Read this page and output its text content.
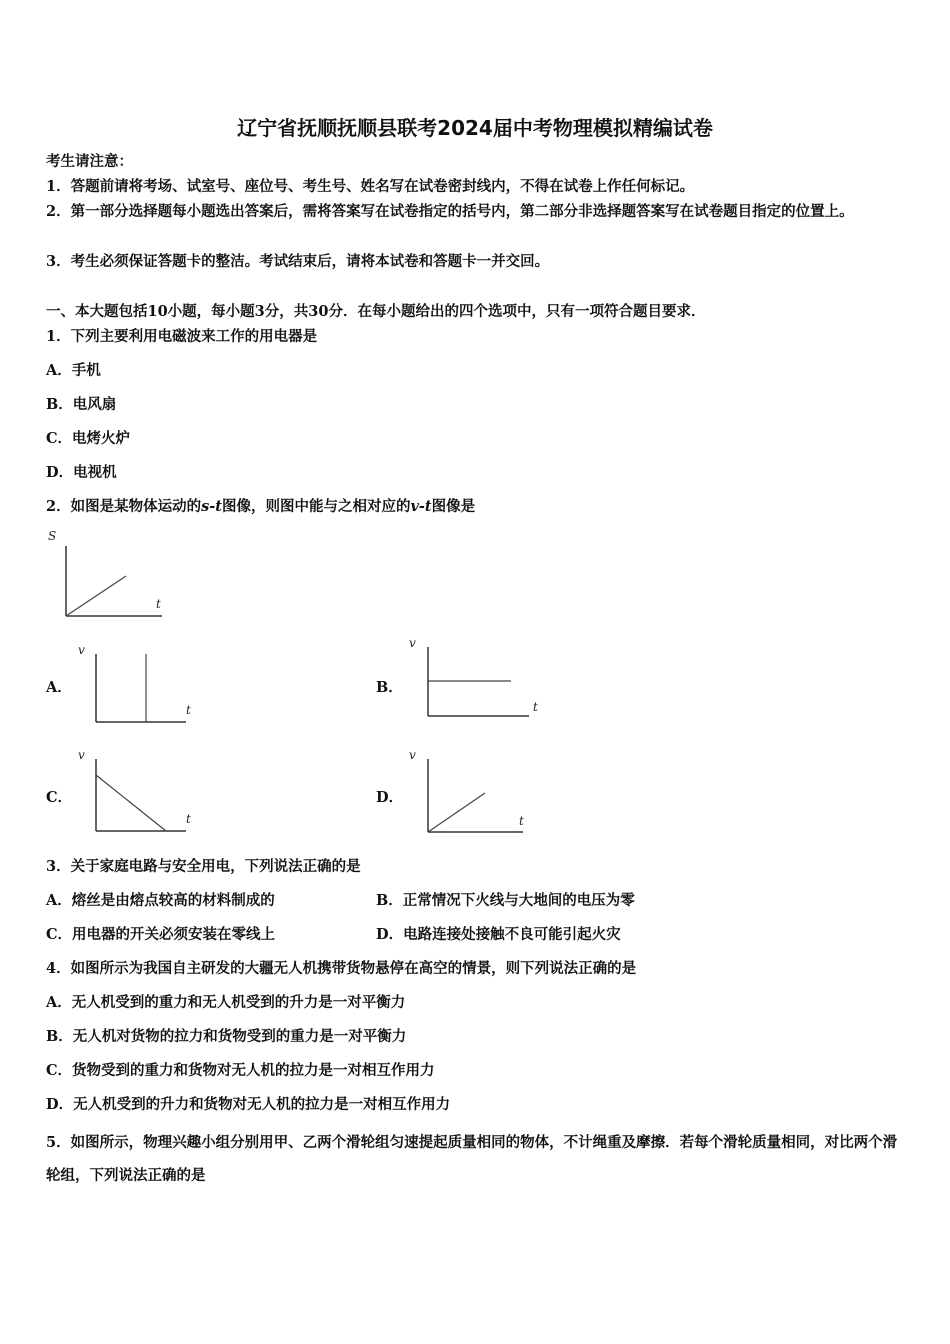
辽宁省抚顺抚顺县联考2024届中考物理模拟精编试卷
考生请注意：
1．答题前请将考场、试室号、座位号、考生号、姓名写在试卷密封线内，不得在试卷上作任何标记。
2．第一部分选择题每小题选出答案后，需将答案写在试卷指定的括号内，第二部分非选择题答案写在试卷题目指定的位置上。
3．考生必须保证答题卡的整洁。考试结束后，请将本试卷和答题卡一并交回。
一、本大题包括10小题，每小题3分，共30分．在每小题给出的四个选项中，只有一项符合题目要求．
1．下列主要利用电磁波来工作的用电器是
A．手机
B．电风扇
C．电烤火炉
D．电视机
2．如图是某物体运动的s-t图像，则图中能与之相对应的v-t图像是
S
t
A．
v
t
B．
v
t
C．
v
t
D．
v
t
3．关于家庭电路与安全用电，下列说法正确的是
A．熔丝是由熔点较高的材料制成的	B．正常情况下火线与大地间的电压为零
C．用电器的开关必须安装在零线上	D．电路连接处接触不良可能引起火灾
4．如图所示为我国自主研发的大疆无人机携带货物悬停在高空的情景，则下列说法正确的是
A．无人机受到的重力和无人机受到的升力是一对平衡力
B．无人机对货物的拉力和货物受到的重力是一对平衡力
C．货物受到的重力和货物对无人机的拉力是一对相互作用力
D．无人机受到的升力和货物对无人机的拉力是一对相互作用力
5．如图所示，物理兴趣小组分别用甲、乙两个滑轮组匀速提起质量相同的物体，不计绳重及摩擦．若每个滑轮质量相同，对比两个滑轮组，下列说法正确的是
